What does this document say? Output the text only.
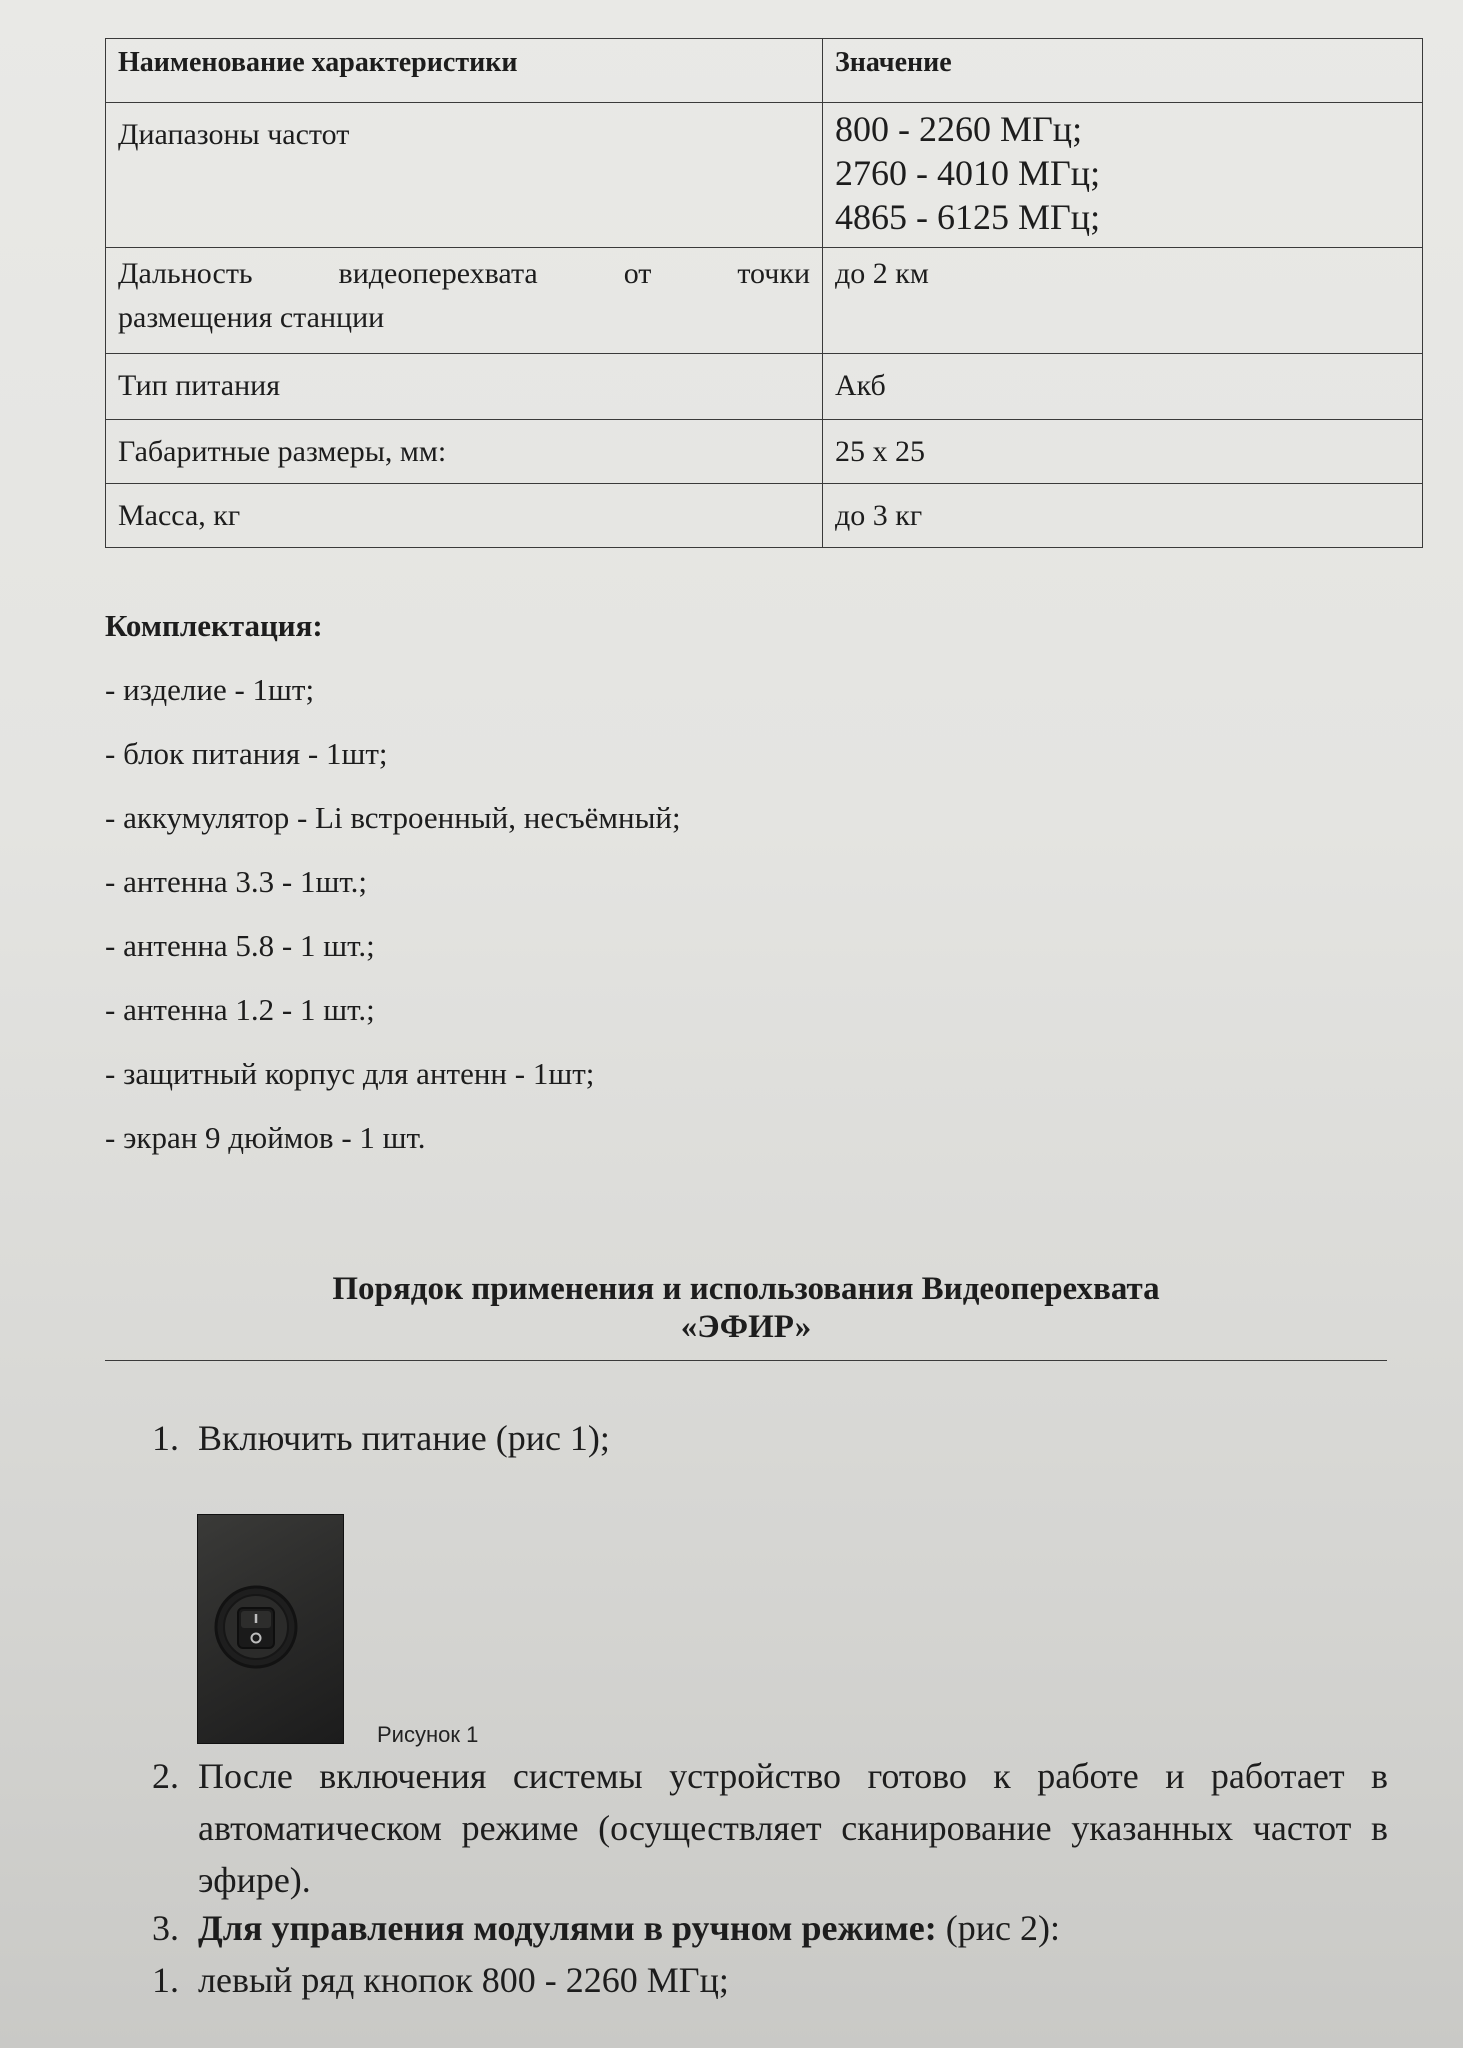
Наименование характеристики	Значение
Диапазоны частот	800 - 2260 МГц;
2760 - 4010 МГц;
4865 - 6125 МГц;

Дальность видеоперехвата от точки
размещения станции	до 2 км
Тип питания	Акб
Габаритные размеры, мм:	25 х 25
Масса, кг	до 3 кг
Комплектация:
- изделие - 1шт;
- блок питания - 1шт;
- аккумулятор - Li встроенный, несъёмный;
- антенна 3.3 - 1шт.;
- антенна 5.8 - 1 шт.;
- антенна 1.2 - 1 шт.;
- защитный корпус для антенн - 1шт;
- экран 9 дюймов - 1 шт.
Порядок применения и использования Видеоперехвата
«ЭФИР»
1. Включить питание (рис 1);
Рисунок 1
2. После включения системы устройство готово к работе и работает в автоматическом режиме (осуществляет сканирование указанных частот в эфире).
3. Для управления модулями в ручном режиме: (рис 2):
1. левый ряд кнопок 800 - 2260 МГц;
